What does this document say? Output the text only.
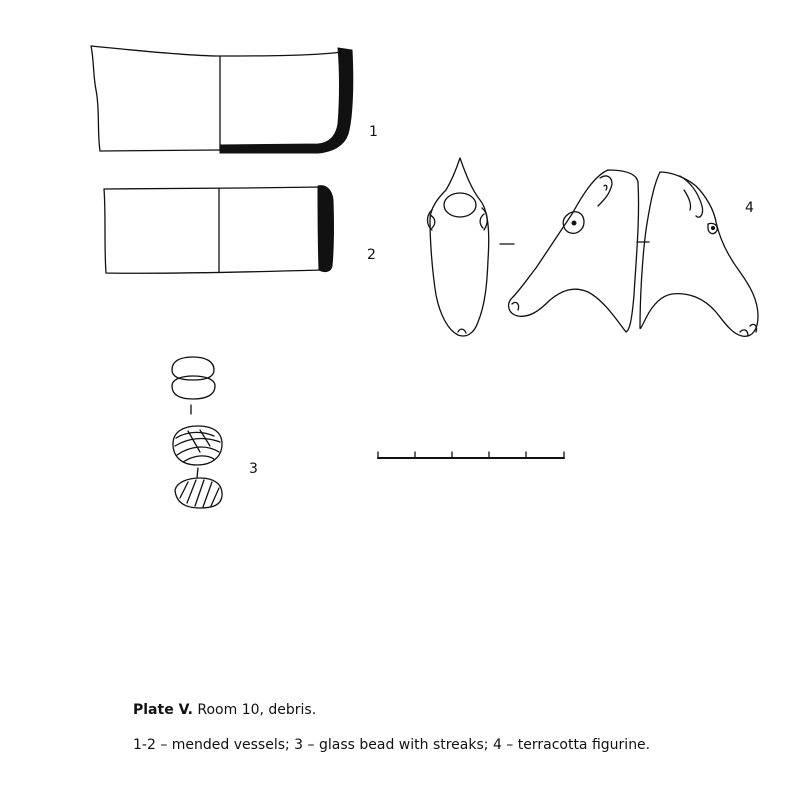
1
2
3
4
Plate V. Room 10, debris.
1-2 – mended vessels; 3 – glass bead with streaks; 4 – terracotta figurine.
